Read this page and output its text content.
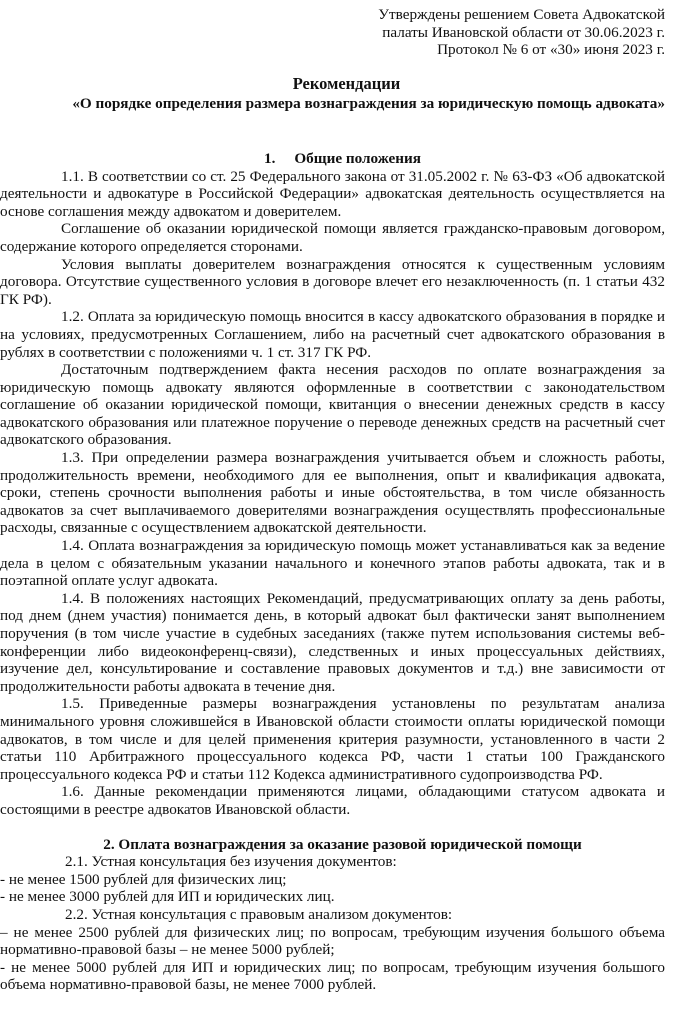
Утверждены решением Совета Адвокатской
палаты Ивановской области от 30.06.2023 г.
Протокол № 6 от «30» июня 2023 г.
Рекомендации
«О порядке определения размера вознаграждения за юридическую помощь адвоката»
1.     Общие положения

1.1. В соответствии со ст. 25 Федерального закона от 31.05.2002 г. № 63-ФЗ «Об адвокатской деятельности и адвокатуре в Российской Федерации» адвокатская деятельность осуществляется на основе соглашения между адвокатом и доверителем.

Соглашение об оказании юридической помощи является гражданско-правовым договором, содержание которого определяется сторонами.

Условия выплаты доверителем вознаграждения относятся к существенным условиям договора. Отсутствие существенного условия в договоре влечет его незаключенность (п. 1 статьи 432 ГК РФ).

1.2. Оплата за юридическую помощь вносится в кассу адвокатского образования в порядке и на условиях, предусмотренных Соглашением, либо на расчетный счет адвокатского образования в рублях в соответствии с положениями ч. 1 ст. 317 ГК РФ.

Достаточным подтверждением факта несения расходов по оплате вознаграждения за юридическую помощь адвокату являются оформленные в соответствии с законодательством соглашение об оказании юридической помощи, квитанция о внесении денежных средств в кассу адвокатского образования или платежное поручение о переводе денежных средств на расчетный счет адвокатского образования.

1.3. При определении размера вознаграждения учитывается объем и сложность работы, продолжительность времени, необходимого для ее выполнения, опыт и квалификация адвоката, сроки, степень срочности выполнения работы и иные обстоятельства, в том числе обязанность адвокатов за счет выплачиваемого доверителями вознаграждения осуществлять профессиональные расходы, связанные с осуществлением адвокатской деятельности.

1.4. Оплата вознаграждения за юридическую помощь может устанавливаться как за ведение дела в целом с обязательным указании начального и конечного этапов работы адвоката, так и в поэтапной оплате услуг адвоката.

1.4. В положениях настоящих Рекомендаций, предусматривающих оплату за день работы, под днем (днем участия) понимается день, в который адвокат был фактически занят выполнением поручения (в том числе участие в судебных заседаниях (также путем использования системы веб-конференции либо видеоконференц-связи), следственных и иных процессуальных действиях, изучение дел, консультирование и составление правовых документов и т.д.) вне зависимости от продолжительности работы адвоката в течение дня.

1.5. Приведенные размеры вознаграждения установлены по результатам анализа минимального уровня сложившейся в Ивановской области стоимости оплаты юридической помощи адвокатов, в том числе и для целей применения критерия разумности, установленного в части 2 статьи 110 Арбитражного процессуального кодекса РФ, части 1 статьи 100 Гражданского процессуального кодекса РФ и статьи 112 Кодекса административного судопроизводства РФ.

1.6. Данные рекомендации применяются лицами, обладающими статусом адвоката и состоящими в реестре адвокатов Ивановской области.

2. Оплата вознаграждения за оказание разовой юридической помощи

2.1. Устная консультация без изучения документов:

- не менее 1500 рублей для физических лиц;

- не менее 3000 рублей для ИП и юридических лиц.

2.2. Устная консультация с правовым анализом документов:

– не менее 2500 рублей для физических лиц; по вопросам, требующим изучения большого объема нормативно-правовой базы – не менее 5000 рублей;

- не менее 5000 рублей для ИП и юридических лиц; по вопросам, требующим изучения большого объема нормативно-правовой базы, не менее 7000 рублей.
